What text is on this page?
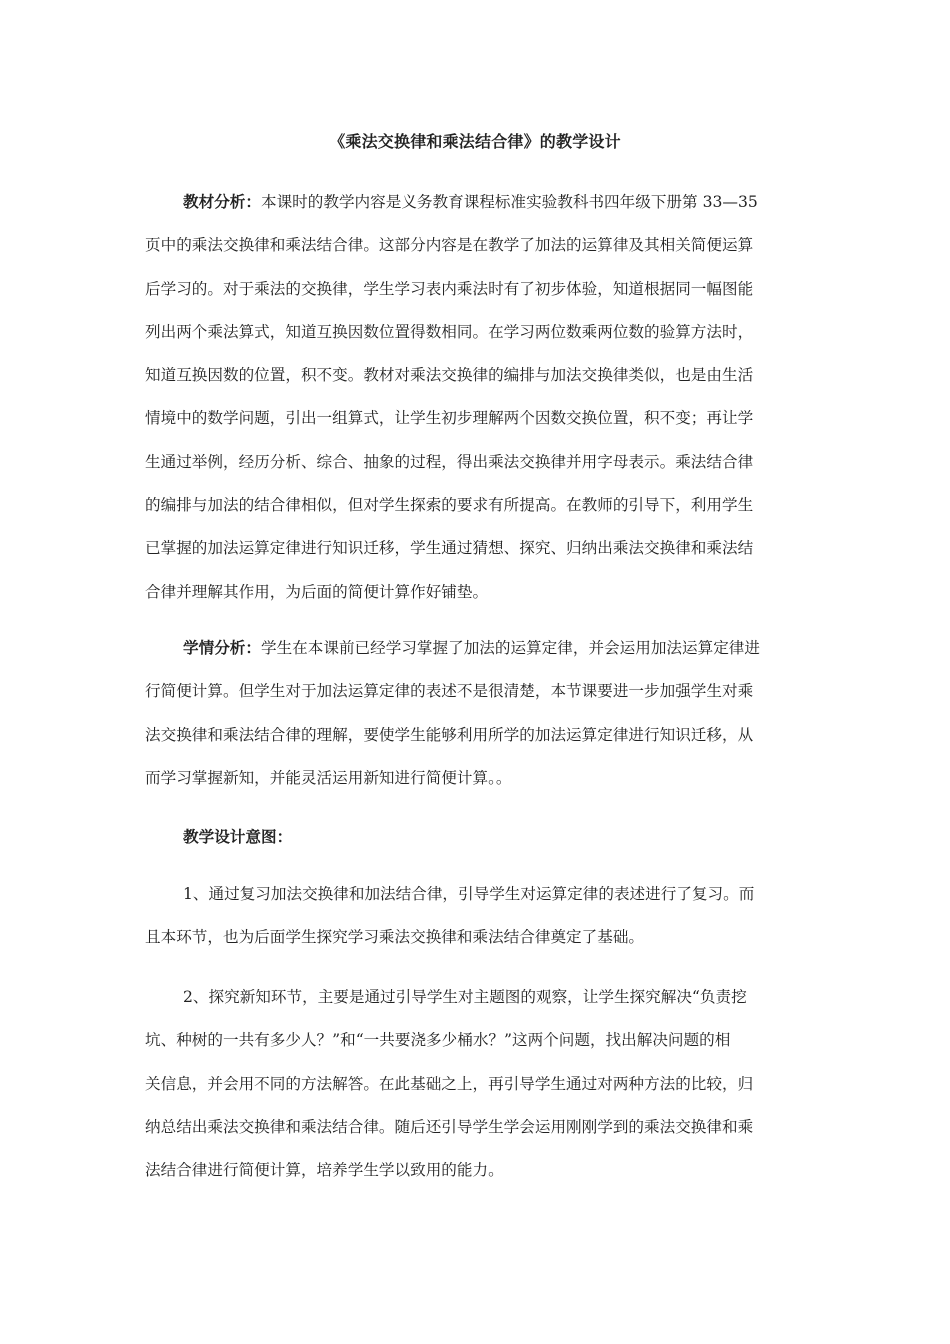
《乘法交换律和乘法结合律》的教学设计
教材分析：本课时的教学内容是义务教育课程标准实验教科书四年级下册第 33—35
页中的乘法交换律和乘法结合律。这部分内容是在教学了加法的运算律及其相关简便运算
后学习的。对于乘法的交换律，学生学习表内乘法时有了初步体验，知道根据同一幅图能
列出两个乘法算式，知道互换因数位置得数相同。在学习两位数乘两位数的验算方法时，
知道互换因数的位置，积不变。教材对乘法交换律的编排与加法交换律类似，也是由生活
情境中的数学问题，引出一组算式，让学生初步理解两个因数交换位置，积不变；再让学
生通过举例，经历分析、综合、抽象的过程，得出乘法交换律并用字母表示。乘法结合律
的编排与加法的结合律相似，但对学生探索的要求有所提高。在教师的引导下，利用学生
已掌握的加法运算定律进行知识迁移，学生通过猜想、探究、归纳出乘法交换律和乘法结
合律并理解其作用，为后面的简便计算作好铺垫。
学情分析：学生在本课前已经学习掌握了加法的运算定律，并会运用加法运算定律进
行简便计算。但学生对于加法运算定律的表述不是很清楚，本节课要进一步加强学生对乘
法交换律和乘法结合律的理解，要使学生能够利用所学的加法运算定律进行知识迁移，从
而学习掌握新知，并能灵活运用新知进行简便计算。。
教学设计意图：
1、通过复习加法交换律和加法结合律，引导学生对运算定律的表述进行了复习。而
且本环节，也为后面学生探究学习乘法交换律和乘法结合律奠定了基础。
2、探究新知环节，主要是通过引导学生对主题图的观察，让学生探究解决“负责挖
坑、种树的一共有多少人？”和“一共要浇多少桶水？”这两个问题，找出解决问题的相
关信息，并会用不同的方法解答。在此基础之上，再引导学生通过对两种方法的比较，归
纳总结出乘法交换律和乘法结合律。随后还引导学生学会运用刚刚学到的乘法交换律和乘
法结合律进行简便计算，培养学生学以致用的能力。
